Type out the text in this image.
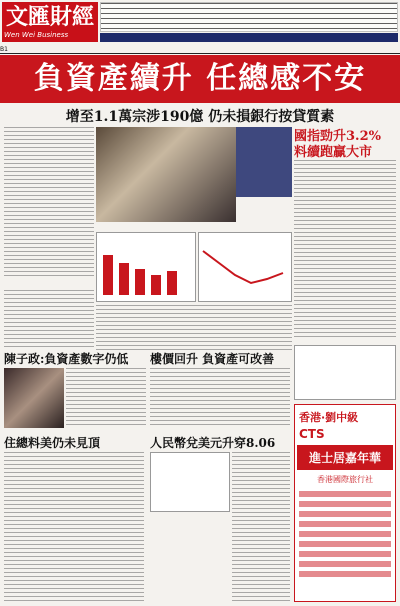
文匯財經
Wen Wei Business
B1
負資產續升 任總感不安
增至1.1萬宗涉190億 仍未損銀行按貸質素
國指勁升3.2%
料續跑贏大市
陳子政:負資產數字仍低 樓價回升 負資產可改善
住總料美仍未見頂	人民幣兌美元升穿8.06
香港·劉中級
CTS
進士居嘉年華
香港國際旅行社
